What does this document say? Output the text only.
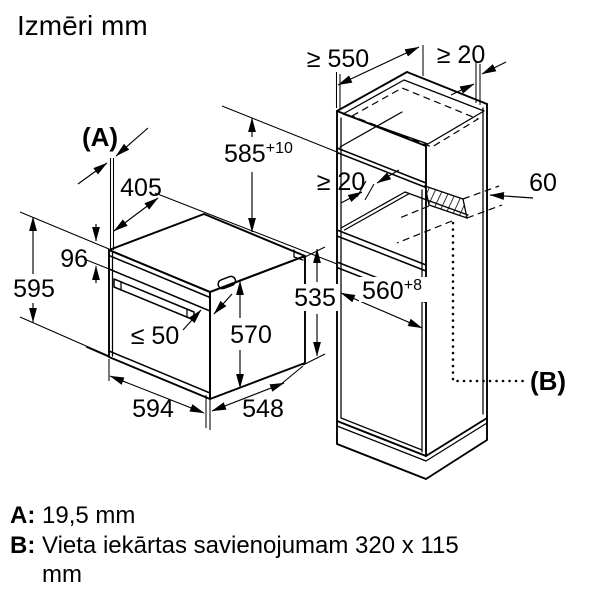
Izmēri mm
(A)
405
96
595
≤ 50 570
594	548
535
$585^{+10}$
≥ 550	≥ 20
≥ 20	60
$560^{+8}$
(B)
A: 19,5 mm
B: Vieta iekārtas savienojumam 320 x 115
mm
